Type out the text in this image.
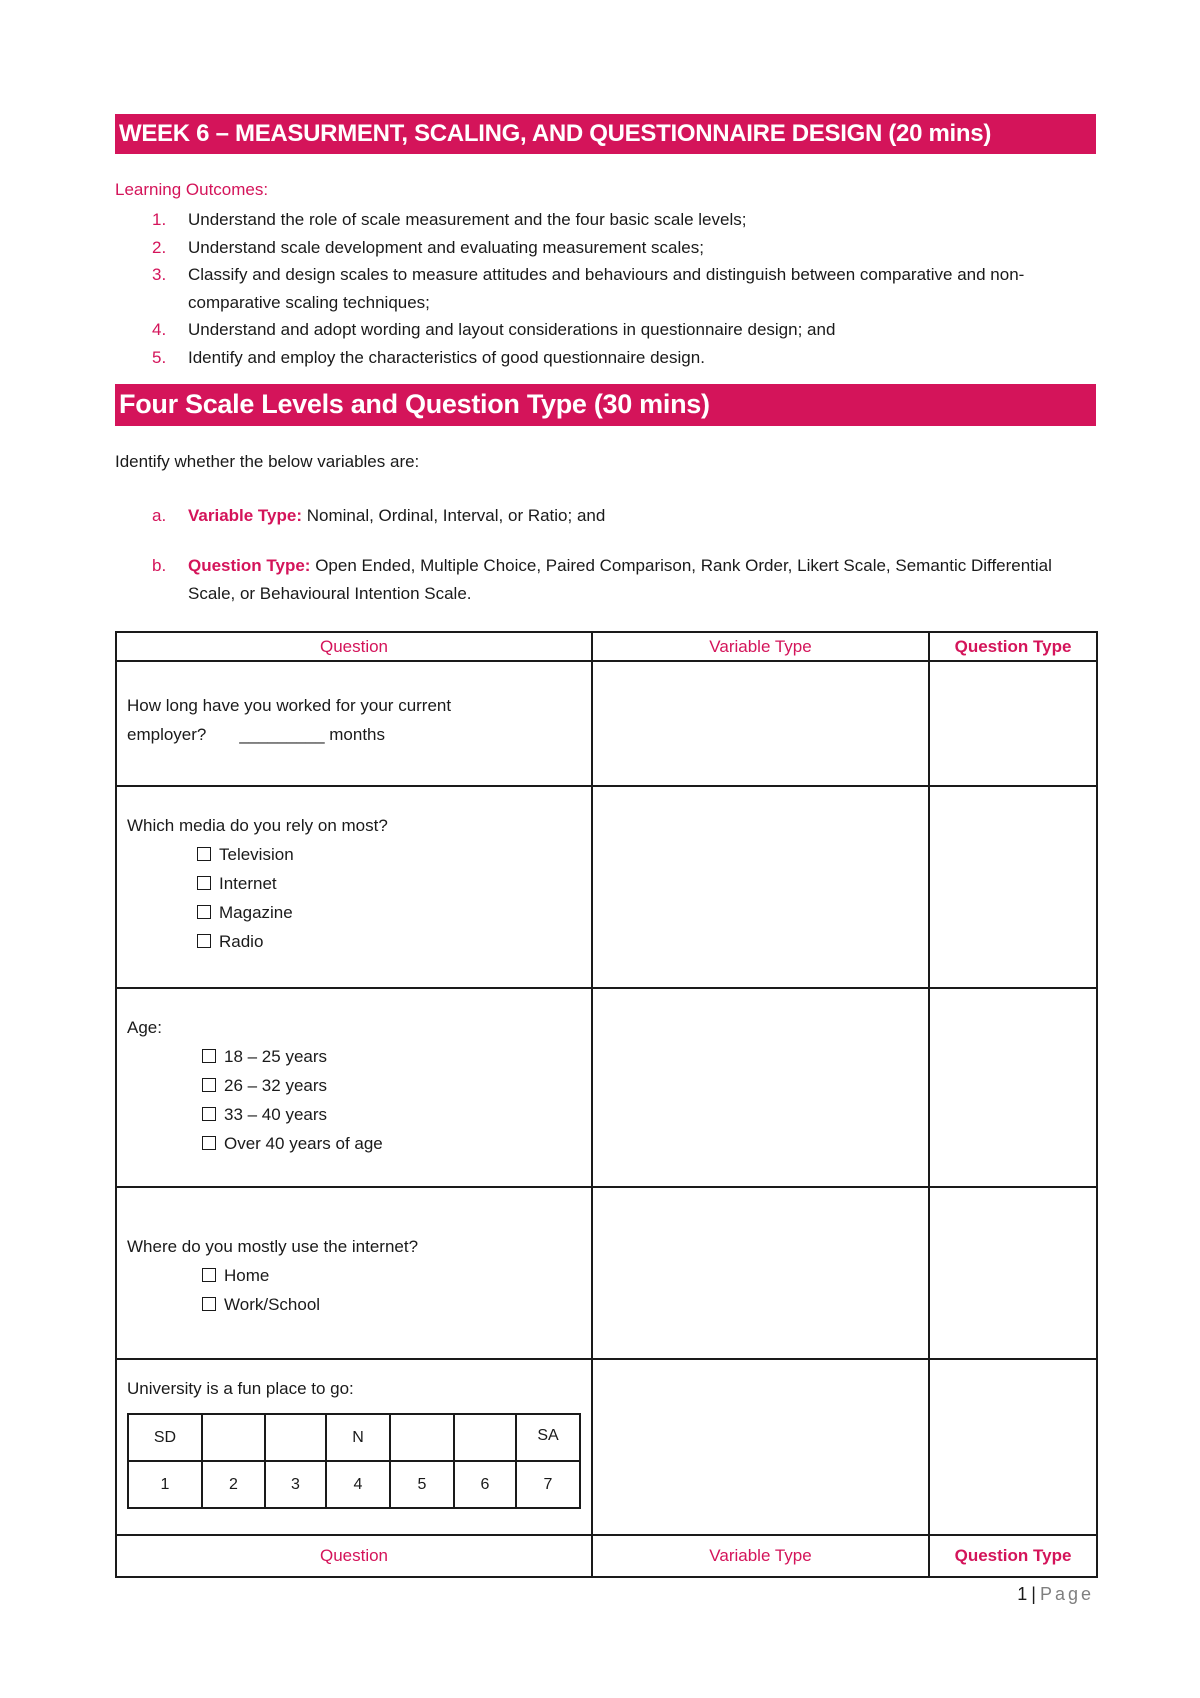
WEEK 6 – MEASURMENT, SCALING, AND QUESTIONNAIRE DESIGN (20 mins)
Learning Outcomes:
1. Understand the role of scale measurement and the four basic scale levels;
2. Understand scale development and evaluating measurement scales;
3. Classify and design scales to measure attitudes and behaviours and distinguish between comparative and non-comparative scaling techniques;
4. Understand and adopt wording and layout considerations in questionnaire design; and
5. Identify and employ the characteristics of good questionnaire design.
Four Scale Levels and Question Type (30 mins)
Identify whether the below variables are:
a.	Variable Type: Nominal, Ordinal, Interval, or Ratio; and
b.	Question Type: Open Ended, Multiple Choice, Paired Comparison, Rank Order, Likert Scale, Semantic Differential Scale, or Behavioural Intention Scale.
Question	Variable Type	Question Type

How long have you worked for your current
employer?       _________ months

Which media do you rely on most?
Television
Internet
Magazine
Radio

Age:
18 – 25 years
26 – 32 years
33 – 40 years
Over 40 years of age

Where do you mostly use the internet?
Home
Work/School

University is a fun place to go:
SD			N			SA
1	2	3	4	5	6	7

Question	Variable Type	Question Type
1 | Page
